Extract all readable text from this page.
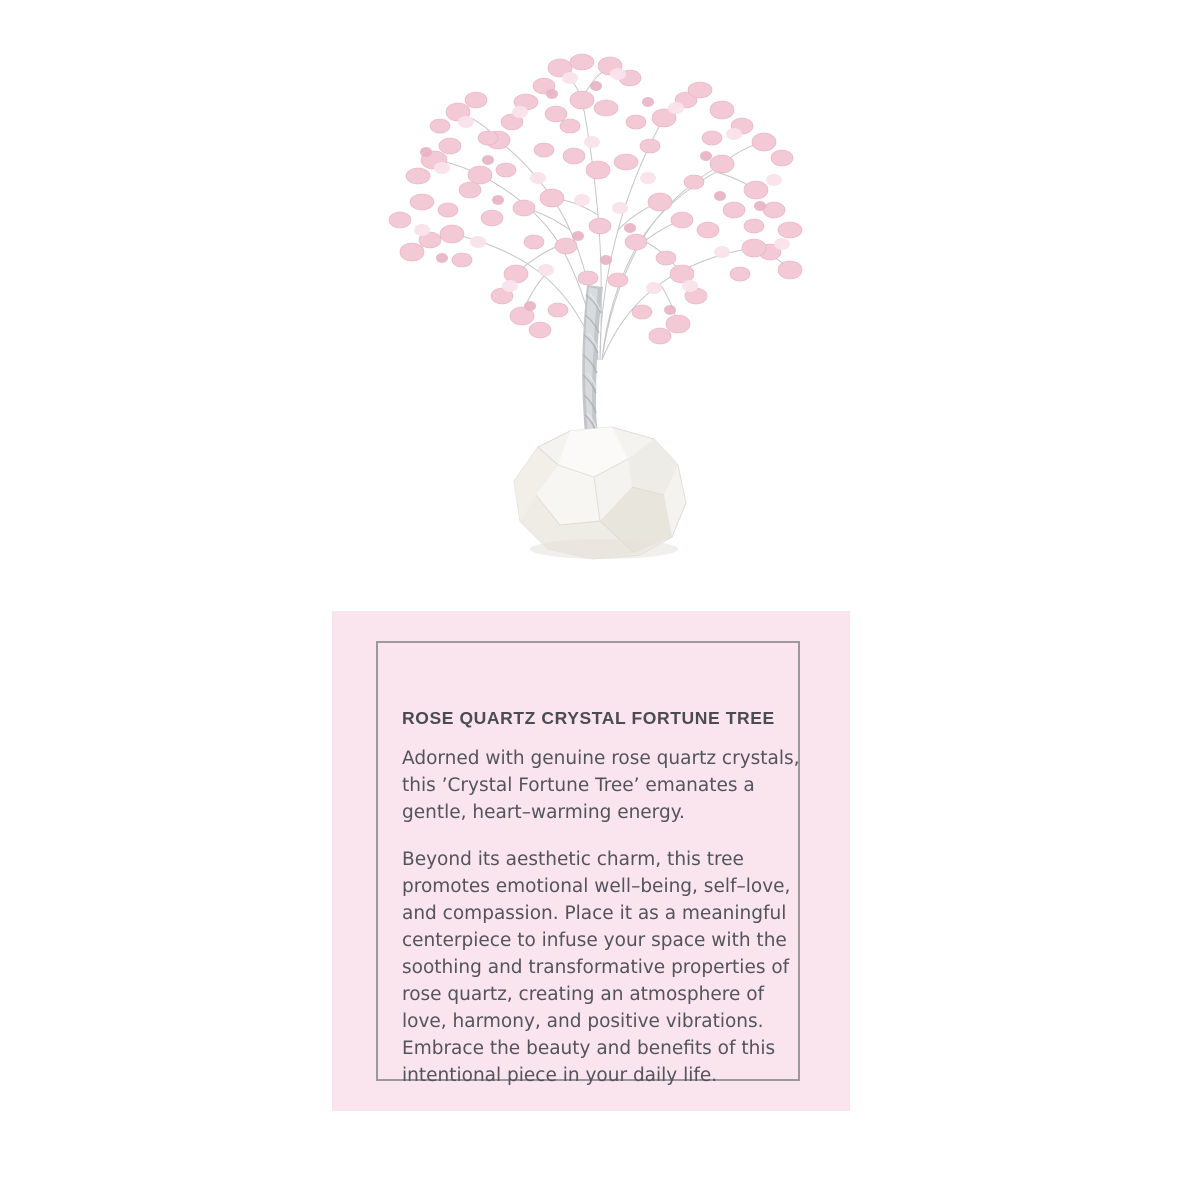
ROSE QUARTZ CRYSTAL FORTUNE TREE

Adorned with genuine rose quartz crystals, this ’Crystal Fortune Tree’ emanates a gentle, heart–warming energy.

Beyond its aesthetic charm, this tree promotes emotional well–being, self–love, and compassion. Place it as a meaningful centerpiece to infuse your space with the soothing and transformative properties of rose quartz, creating an atmosphere of love, harmony, and positive vibrations. Embrace the beauty and benefits of this intentional piece in your daily life.
